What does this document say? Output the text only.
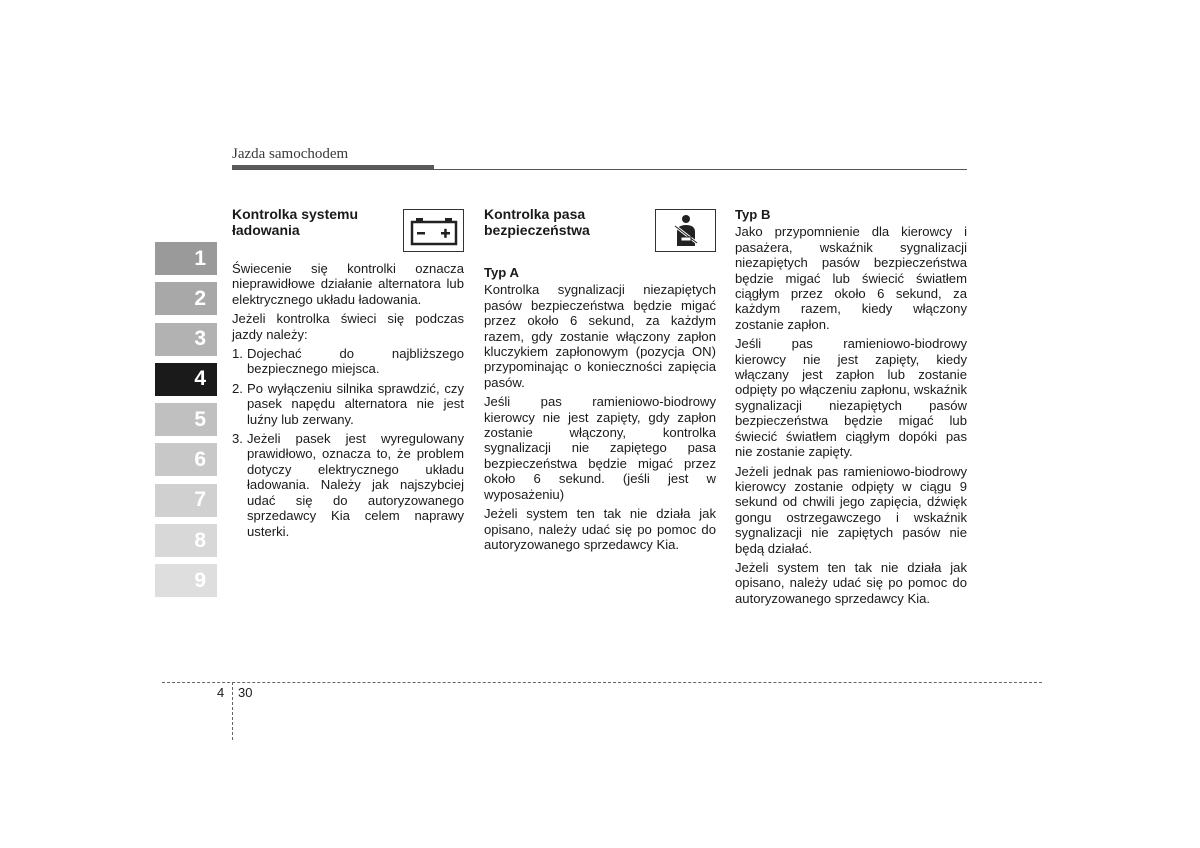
Jazda samochodem
1
2
3
4
5
6
7
8
9
Kontrolka systemu ładowania

Świecenie się kontrolki oznacza nieprawidłowe działanie alternatora lub elektrycznego układu ładowania.

Jeżeli kontrolka świeci się podczas jazdy należy:

1. Dojechać do najbliższego bezpiecznego miejsca.
2. Po wyłączeniu silnika sprawdzić, czy pasek napędu alternatora nie jest luźny lub zerwany.
3. Jeżeli pasek jest wyregulowany prawidłowo, oznacza to, że problem dotyczy elektrycznego układu ładowania. Należy jak najszybciej udać się do autoryzowanego sprzedawcy Kia celem naprawy usterki.
Kontrolka pasa bezpieczeństwa

Typ A

Kontrolka sygnalizacji niezapiętych pasów bezpieczeństwa będzie migać przez około 6 sekund, za każdym razem, gdy zostanie włączony zapłon kluczykiem zapłonowym (pozycja ON) przypominając o konieczności zapięcia pasów.

Jeśli pas ramieniowo-biodrowy kierowcy nie jest zapięty, gdy zapłon zostanie włączony, kontrolka sygnalizacji nie zapiętego pasa bezpieczeństwa będzie migać przez około 6 sekund. (jeśli jest w wyposażeniu)

Jeżeli system ten tak nie działa jak opisano, należy udać się po pomoc do autoryzowanego sprzedawcy Kia.

Typ B

Jako przypomnienie dla kierowcy i pasażera, wskaźnik sygnalizacji niezapiętych pasów bezpieczeństwa będzie migać lub świecić światłem ciągłym przez około 6 sekund, za każdym razem, kiedy włączony zostanie zapłon.

Jeśli pas ramieniowo-biodrowy kierowcy nie jest zapięty, kiedy włączany jest zapłon lub zostanie odpięty po włączeniu zapłonu, wskaźnik sygnalizacji niezapiętych pasów bezpieczeństwa będzie migać lub świecić światłem ciągłym dopóki pas nie zostanie zapięty.

Jeżeli jednak pas ramieniowo-biodrowy kierowcy zostanie odpięty w ciągu 9 sekund od chwili jego zapięcia, dźwięk gongu ostrzegawczego i wskaźnik sygnalizacji nie zapiętych pasów nie będą działać.

Jeżeli system ten tak nie działa jak opisano, należy udać się po pomoc do autoryzowanego sprzedawcy Kia.

4 30
